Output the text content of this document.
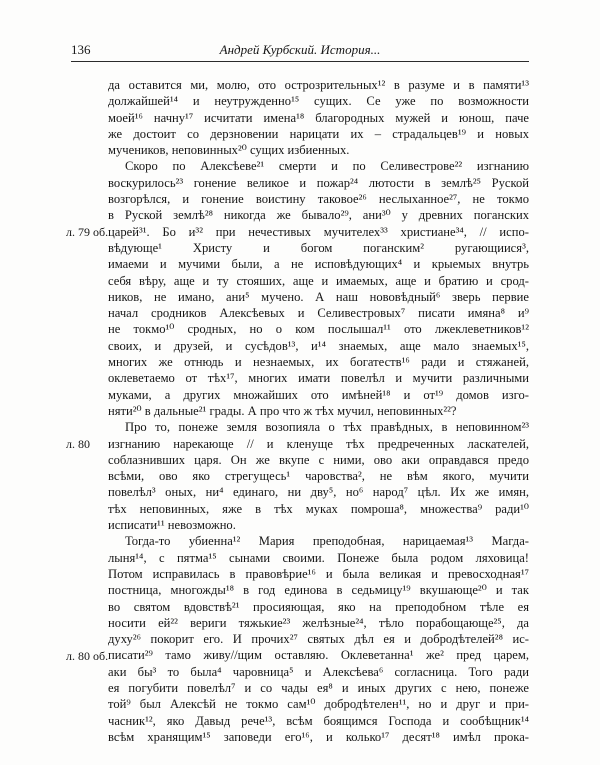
136	Андрей Курбский. История...
да оставится ми, молю, ото острозрительных¹² в разуме и в памяти¹³
должайшей¹⁴ и неутружденно¹⁵ сущих. Се уже по возможности
моей¹⁶ начну¹⁷ исчитати имена¹⁸ благородных мужей и юнош, паче
же достоит со дерзновении нарицати их – страдальцев¹⁹ и новых
мучеников, неповинных²⁰ сущих избиенных.
Скоро по Алексѣеве²¹ смерти и по Селивестрове²² изгнанию
воскурилось²³ гонение великое и пожар²⁴ лютости в землѣ²⁵ Руской
возгорѣлся, и гонение воистину таковое²⁶ неслыханное²⁷, не токмо
в Руской землѣ²⁸ никогда же бывало²⁹, ани³⁰ у древних поганских
царей³¹. Бо и³² при нечестивых мучителех³³ христиане³⁴, // испо-
л. 79 об.
вѣдующе¹ Христу и богом поганским² ругающиися³,
имаеми и мучими были, а не исповѣдующих⁴ и крыемых внутрь
себя вѣру, аще и ту стояших, аще и имаемых, аще и братию и срод-
ников, не имано, ани⁵ мучено. А наш нововѣдный⁶ зверь первие
начал сродников Алексѣевых и Селивестровых⁷ писати имяна⁸ и⁹
не токмо¹⁰ сродных, но о ком послышал¹¹ ото лжеклеветников¹²
своих, и друзей, и сусѣдов¹³, и¹⁴ знаемых, аще мало знаемых¹⁵,
многих же отнюдь и незнаемых, их богатеств¹⁶ ради и стяжаней,
оклеветаемо от тѣх¹⁷, многих имати повелѣл и мучити различными
муками, а других множайших ото имѣней¹⁸ и от¹⁹ домов изго-
няти²⁰ в дальные²¹ грады. А про что ж тѣх мучил, неповинных²²?
Про то, понеже земля возопияла о тѣх правѣдных, в неповинном²³
изгнанию нарекающе // и кленуще тѣх предреченных ласкателей,
л. 80
соблазнивших царя. Он же вкупе с ними, ово аки оправдався предо
всѣми, ово яко стрегущесь¹ чаровства², не вѣм якого, мучити
повелѣл³ оных, ни⁴ единаго, ни дву⁵, но⁶ народ⁷ цѣл. Их же имян,
тѣх неповинных, яже в тѣх муках помроша⁸, множества⁹ ради¹⁰
исписати¹¹ невозможно.
Тогда-то убиенна¹² Мария преподобная, нарицаемая¹³ Магда-
лыня¹⁴, с пятма¹⁵ сынами своими. Понеже была родом ляховица!
Потом исправилась в правовѣрие¹⁶ и была великая и превосходная¹⁷
постница, многожды¹⁸ в год единова в седьмицу¹⁹ вкушающе²⁰ и так
во святом вдовствѣ²¹ просияющая, яко на преподобном тѣле ея
носити ей²² вериги тяжькие²³ желѣзные²⁴, тѣло порабощающе²⁵, да
духу²⁶ покорит его. И прочих²⁷ святых дѣл ея и добродѣтелей²⁸ ис-
писати²⁹ тамо живу//щим оставляю. Оклеветанна¹ же² пред царем,
л. 80 об.
аки бы³ то была⁴ чаровница⁵ и Алексѣева⁶ согласница. Того ради
ея погубити повелѣл⁷ и со чады ея⁸ и иных других с нею, понеже
той⁹ был Алексѣй не токмо сам¹⁰ добродѣтелен¹¹, но и друг и при-
часник¹², яко Давыд рече¹³, всѣм боящимся Господа и сообѣщник¹⁴
всѣм хранящим¹⁵ заповеди его¹⁶, и колько¹⁷ десят¹⁸ имѣл прока-
